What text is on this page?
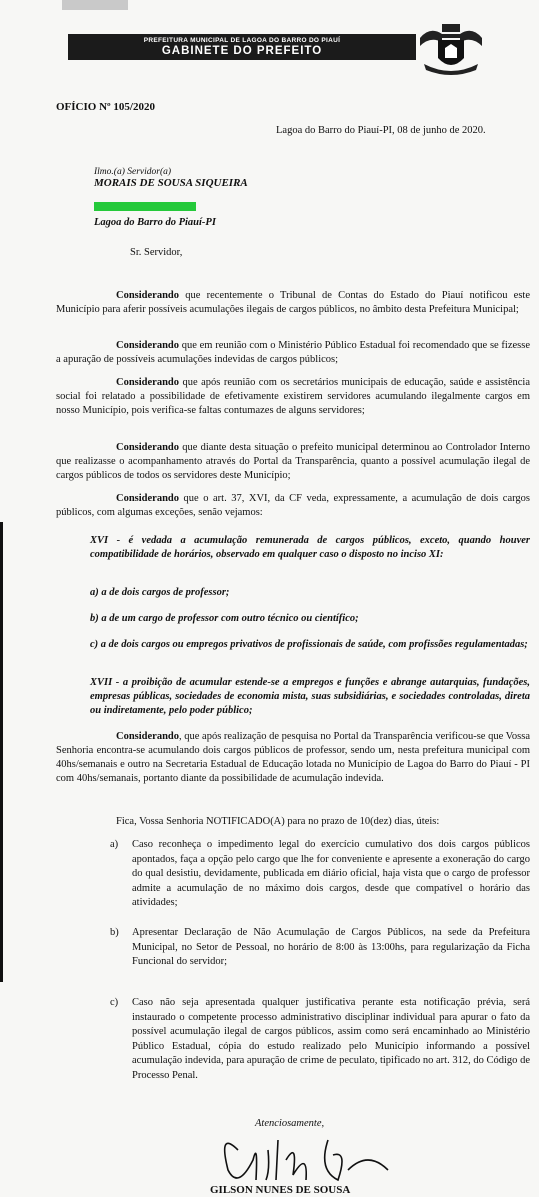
PREFEITURA MUNICIPAL DE LAGOA DO BARRO DO PIAUÍ
GABINETE DO PREFEITO
OFÍCIO Nº 105/2020
Lagoa do Barro do Piauí-PI, 08 de junho de 2020.
Ilmo.(a) Servidor(a)
MORAIS DE SOUSA SIQUEIRA
Lagoa do Barro do Piauí-PI
Sr. Servidor,
Considerando que recentemente o Tribunal de Contas do Estado do Piauí notificou este Município para aferir possíveis acumulações ilegais de cargos públicos, no âmbito desta Prefeitura Municipal;
Considerando que em reunião com o Ministério Público Estadual foi recomendado que se fizesse a apuração de possíveis acumulações indevidas de cargos públicos;
Considerando que após reunião com os secretários municipais de educação, saúde e assistência social foi relatado a possibilidade de efetivamente existirem servidores acumulando ilegalmente cargos em nosso Município, pois verifica-se faltas contumazes de alguns servidores;
Considerando que diante desta situação o prefeito municipal determinou ao Controlador Interno que realizasse o acompanhamento através do Portal da Transparência, quanto a possível acumulação ilegal de cargos públicos de todos os servidores deste Município;
Considerando que o art. 37, XVI, da CF veda, expressamente, a acumulação de dois cargos públicos, com algumas exceções, senão vejamos:
XVI - é vedada a acumulação remunerada de cargos públicos, exceto, quando houver compatibilidade de horários, observado em qualquer caso o disposto no inciso XI:
a) a de dois cargos de professor;
b) a de um cargo de professor com outro técnico ou científico;
c) a de dois cargos ou empregos privativos de profissionais de saúde, com profissões regulamentadas;
XVII - a proibição de acumular estende-se a empregos e funções e abrange autarquias, fundações, empresas públicas, sociedades de economia mista, suas subsidiárias, e sociedades controladas, direta ou indiretamente, pelo poder público;
Considerando, que após realização de pesquisa no Portal da Transparência verificou-se que Vossa Senhoria encontra-se acumulando dois cargos públicos de professor, sendo um, nesta prefeitura municipal com 40hs/semanais e outro na Secretaria Estadual de Educação lotada no Município de Lagoa do Barro do Piauí - PI com 40hs/semanais, portanto diante da possibilidade de acumulação indevida.
Fica, Vossa Senhoria NOTIFICADO(A) para no prazo de 10(dez) dias, úteis:
a) Caso reconheça o impedimento legal do exercício cumulativo dos dois cargos públicos apontados, faça a opção pelo cargo que lhe for conveniente e apresente a exoneração do cargo do qual desistiu, devidamente, publicada em diário oficial, haja vista que o cargo de professor admite a acumulação de no máximo dois cargos, desde que compatível o horário das atividades;
b) Apresentar Declaração de Não Acumulação de Cargos Públicos, na sede da Prefeitura Municipal, no Setor de Pessoal, no horário de 8:00 às 13:00hs, para regularização da Ficha Funcional do servidor;
c) Caso não seja apresentada qualquer justificativa perante esta notificação prévia, será instaurado o competente processo administrativo disciplinar individual para apurar o fato da possível acumulação ilegal de cargos públicos, assim como será encaminhado ao Ministério Público Estadual, cópia do estudo realizado pelo Município informando a possível acumulação indevida, para apuração de crime de peculato, tipificado no art. 312, do Código de Processo Penal.
Atenciosamente,
GILSON NUNES DE SOUSA
